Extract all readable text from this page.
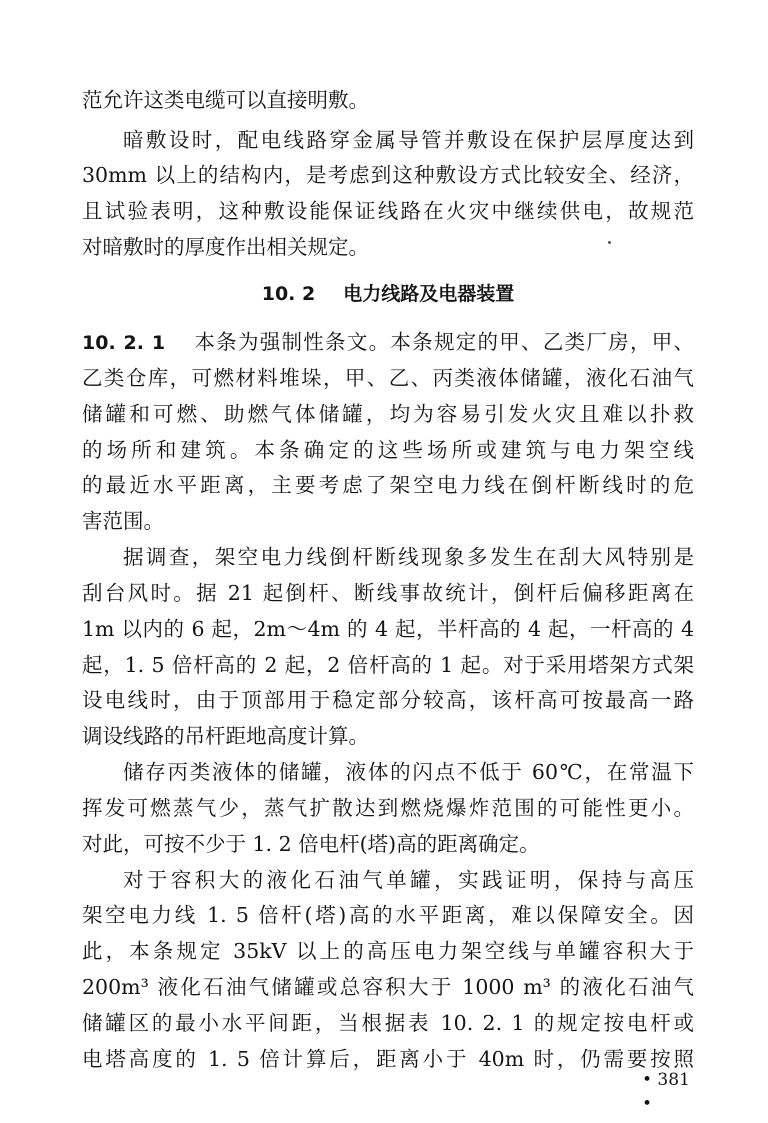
范允许这类电缆可以直接明敷。
暗敷设时，配电线路穿金属导管并敷设在保护层厚度达到
30mm 以上的结构内，是考虑到这种敷设方式比较安全、经济，
且试验表明，这种敷设能保证线路在火灾中继续供电，故规范
对暗敷时的厚度作出相关规定。
10. 2 电力线路及电器装置
10. 2. 1 本条为强制性条文。本条规定的甲、乙类厂房，甲、
乙类仓库，可燃材料堆垛，甲、乙、丙类液体储罐，液化石油气
储罐和可燃、助燃气体储罐，均为容易引发火灾且难以扑救
的场所和建筑。本条确定的这些场所或建筑与电力架空线
的最近水平距离，主要考虑了架空电力线在倒杆断线时的危
害范围。
据调查，架空电力线倒杆断线现象多发生在刮大风特别是
刮台风时。据 21 起倒杆、断线事故统计，倒杆后偏移距离在
1m 以内的 6 起，2m～4m 的 4 起，半杆高的 4 起，一杆高的 4
起，1. 5 倍杆高的 2 起，2 倍杆高的 1 起。对于采用塔架方式架
设电线时，由于顶部用于稳定部分较高，该杆高可按最高一路
调设线路的吊杆距地高度计算。
储存丙类液体的储罐，液体的闪点不低于 60℃，在常温下
挥发可燃蒸气少，蒸气扩散达到燃烧爆炸范围的可能性更小。
对此，可按不少于 1. 2 倍电杆(塔)高的距离确定。
对于容积大的液化石油气单罐，实践证明，保持与高压
架空电力线 1. 5 倍杆(塔)高的水平距离，难以保障安全。因
此，本条规定 35kV 以上的高压电力架空线与单罐容积大于
200m³ 液化石油气储罐或总容积大于 1000 m³ 的液化石油气
储罐区的最小水平间距，当根据表 10. 2. 1 的规定按电杆或
电塔高度的 1. 5 倍计算后，距离小于 40m 时，仍需要按照
• 381 •
